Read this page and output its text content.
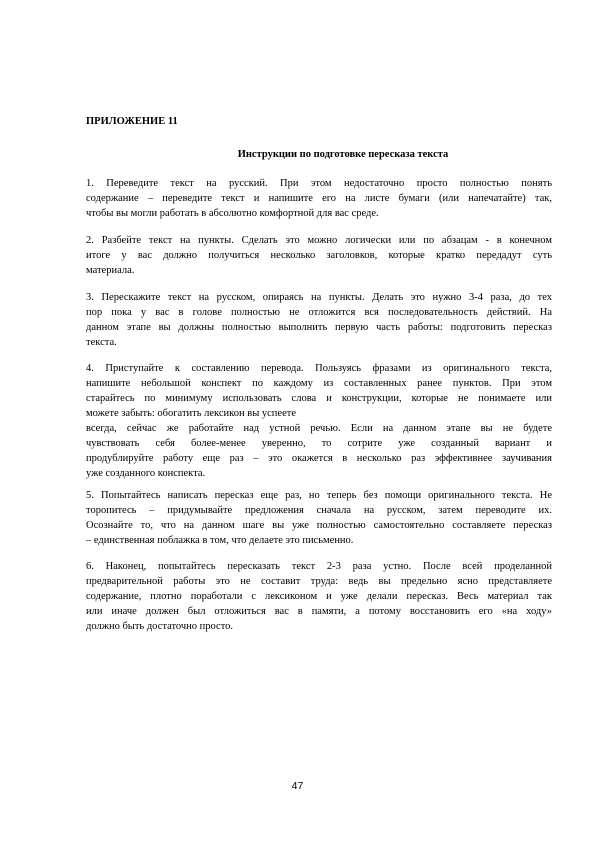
ПРИЛОЖЕНИЕ 11
Инструкции по подготовке пересказа текста
1. Переведите текст на русский. При этом недостаточно просто полностью понять
содержание – переведите текст и напишите его на листе бумаги (или напечатайте) так,
чтобы вы могли работать в абсолютно комфортной для вас среде.
2. Разбейте текст на пункты. Сделать это можно логически или по абзацам - в конечном
итоге у вас должно получиться несколько заголовков, которые кратко передадут суть
материала.
3. Перескажите текст на русском, опираясь на пункты. Делать это нужно 3-4 раза, до тех
пор пока у вас в голове полностью не отложится вся последовательность действий. На
данном этапе вы должны полностью выполнить первую часть работы: подготовить пересказ
текста.
4. Приступайте к составлению перевода. Пользуясь фразами из оригинального текста,
напишите небольшой конспект по каждому из составленных ранее пунктов. При этом
старайтесь по минимуму использовать слова и конструкции, которые не понимаете или
можете забыть: обогатить лексикон вы успеете
всегда, сейчас же работайте над устной речью. Если на данном этапе вы не будете
чувствовать себя более-менее уверенно, то сотрите уже созданный вариант и
продублируйте работу еще раз – это окажется в несколько раз эффективнее заучивания
уже созданного конспекта.
5. Попытайтесь написать пересказ еще раз, но теперь без помощи оригинального текста. Не
торопитесь – придумывайте предложения сначала на русском, затем переводите их.
Осознайте то, что на данном шаге вы уже полностью самостоятельно составляете пересказ
– единственная поблажка в том, что делаете это письменно.
6. Наконец, попытайтесь пересказать текст 2-3 раза устно. После всей проделанной
предварительной работы это не составит труда: ведь вы предельно ясно представляете
содержание, плотно поработали с лексиконом и уже делали пересказ. Весь материал так
или иначе должен был отложиться вас в памяти, а потому восстановить его «на ходу»
должно быть достаточно просто.
47
